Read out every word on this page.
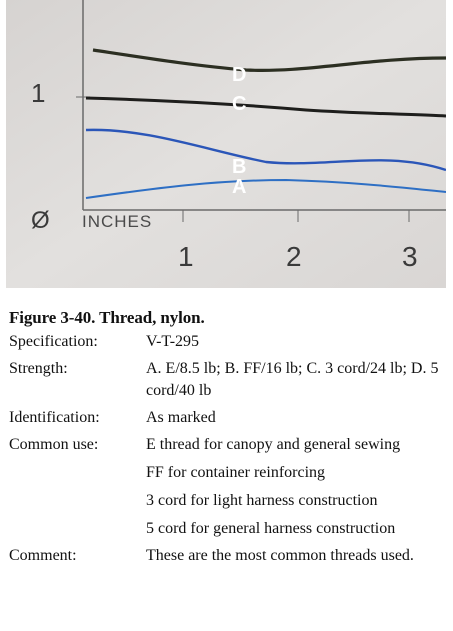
1
Ø INCHES
1	2	3
D
C
B
A
Figure 3-40. Thread, nylon.
Specification:	V-T-295
Strength:	A. E/8.5 lb; B. FF/16 lb; C. 3 cord/24 lb; D. 5 cord/40 lb
Identification:	As marked
Common use:	E thread for canopy and general sewing
FF for container reinforcing
3 cord for light harness construction
5 cord for general harness construction
Comment:	These are the most common threads used.
